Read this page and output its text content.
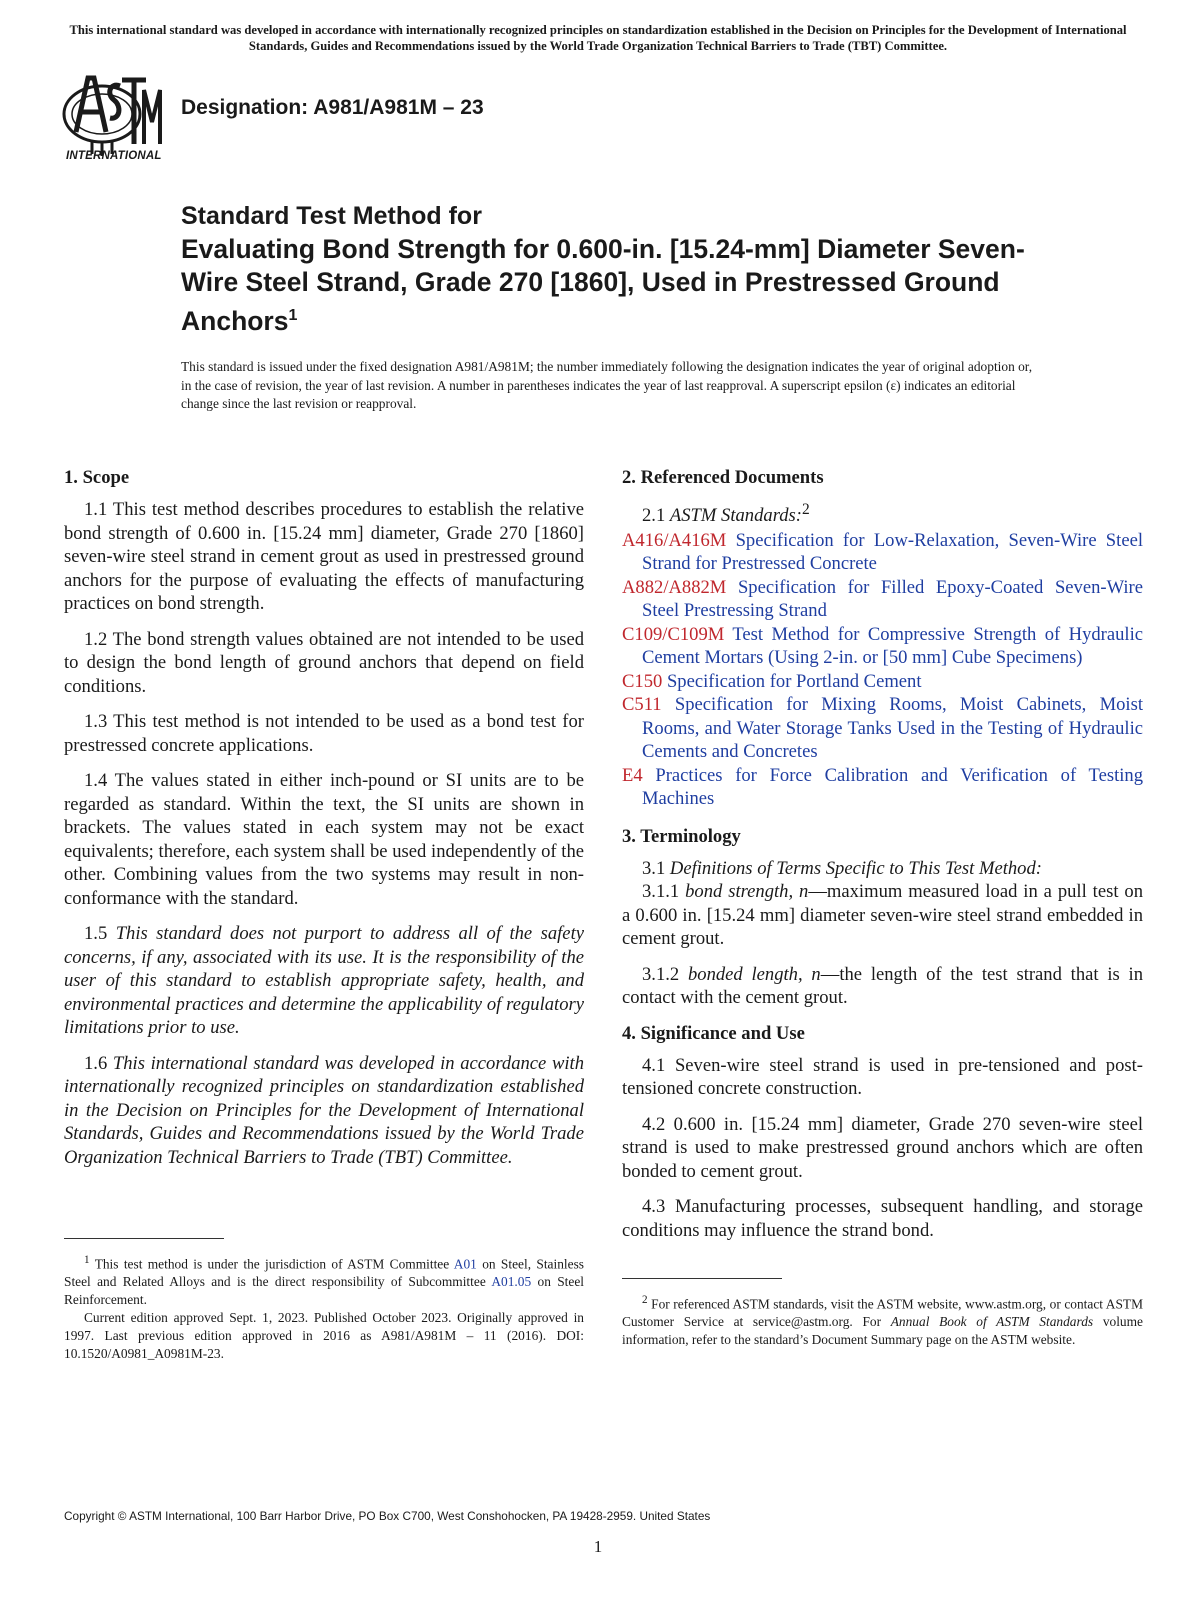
This international standard was developed in accordance with internationally recognized principles on standardization established in the Decision on Principles for the Development of International Standards, Guides and Recommendations issued by the World Trade Organization Technical Barriers to Trade (TBT) Committee.
INTERNATIONAL
Designation: A981/A981M – 23
Standard Test Method for
Evaluating Bond Strength for 0.600-in. [15.24-mm] Diameter Seven-Wire Steel Strand, Grade 270 [1860], Used in Prestressed Ground Anchors$^1$
This standard is issued under the fixed designation A981/A981M; the number immediately following the designation indicates the year of original adoption or, in the case of revision, the year of last revision. A number in parentheses indicates the year of last reapproval. A superscript epsilon (ε) indicates an editorial change since the last revision or reapproval.
1. Scope

1.1 This test method describes procedures to establish the relative bond strength of 0.600 in. [15.24 mm] diameter, Grade 270 [1860] seven-wire steel strand in cement grout as used in prestressed ground anchors for the purpose of evaluating the effects of manufacturing practices on bond strength.

1.2 The bond strength values obtained are not intended to be used to design the bond length of ground anchors that depend on field conditions.

1.3 This test method is not intended to be used as a bond test for prestressed concrete applications.

1.4 The values stated in either inch-pound or SI units are to be regarded as standard. Within the text, the SI units are shown in brackets. The values stated in each system may not be exact equivalents; therefore, each system shall be used independently of the other. Combining values from the two systems may result in non-conformance with the standard.

1.5 This standard does not purport to address all of the safety concerns, if any, associated with its use. It is the responsibility of the user of this standard to establish appropriate safety, health, and environmental practices and determine the applicability of regulatory limitations prior to use.

1.6 This international standard was developed in accordance with internationally recognized principles on standardization established in the Decision on Principles for the Development of International Standards, Guides and Recommendations issued by the World Trade Organization Technical Barriers to Trade (TBT) Committee.

$^1$ This test method is under the jurisdiction of ASTM Committee A01 on Steel, Stainless Steel and Related Alloys and is the direct responsibility of Subcommittee A01.05 on Steel Reinforcement.
Current edition approved Sept. 1, 2023. Published October 2023. Originally approved in 1997. Last previous edition approved in 2016 as A981/A981M – 11 (2016). DOI: 10.1520/A0981_A0981M-23.

2. Referenced Documents
2.1 ASTM Standards:$^2$
A416/A416M Specification for Low-Relaxation, Seven-Wire Steel Strand for Prestressed Concrete
A882/A882M Specification for Filled Epoxy-Coated Seven-Wire Steel Prestressing Strand
C109/C109M Test Method for Compressive Strength of Hydraulic Cement Mortars (Using 2-in. or [50 mm] Cube Specimens)
C150 Specification for Portland Cement
C511 Specification for Mixing Rooms, Moist Cabinets, Moist Rooms, and Water Storage Tanks Used in the Testing of Hydraulic Cements and Concretes
E4 Practices for Force Calibration and Verification of Testing Machines
3. Terminology

3.1 Definitions of Terms Specific to This Test Method:

3.1.1 bond strength, n—maximum measured load in a pull test on a 0.600 in. [15.24 mm] diameter seven-wire steel strand embedded in cement grout.

3.1.2 bonded length, n—the length of the test strand that is in contact with the cement grout.

4. Significance and Use

4.1 Seven-wire steel strand is used in pre-tensioned and post-tensioned concrete construction.

4.2 0.600 in. [15.24 mm] diameter, Grade 270 seven-wire steel strand is used to make prestressed ground anchors which are often bonded to cement grout.

4.3 Manufacturing processes, subsequent handling, and storage conditions may influence the strand bond.

$^2$ For referenced ASTM standards, visit the ASTM website, www.astm.org, or contact ASTM Customer Service at service@astm.org. For Annual Book of ASTM Standards volume information, refer to the standard’s Document Summary page on the ASTM website.

Copyright © ASTM International, 100 Barr Harbor Drive, PO Box C700, West Conshohocken, PA 19428-2959. United States
1
